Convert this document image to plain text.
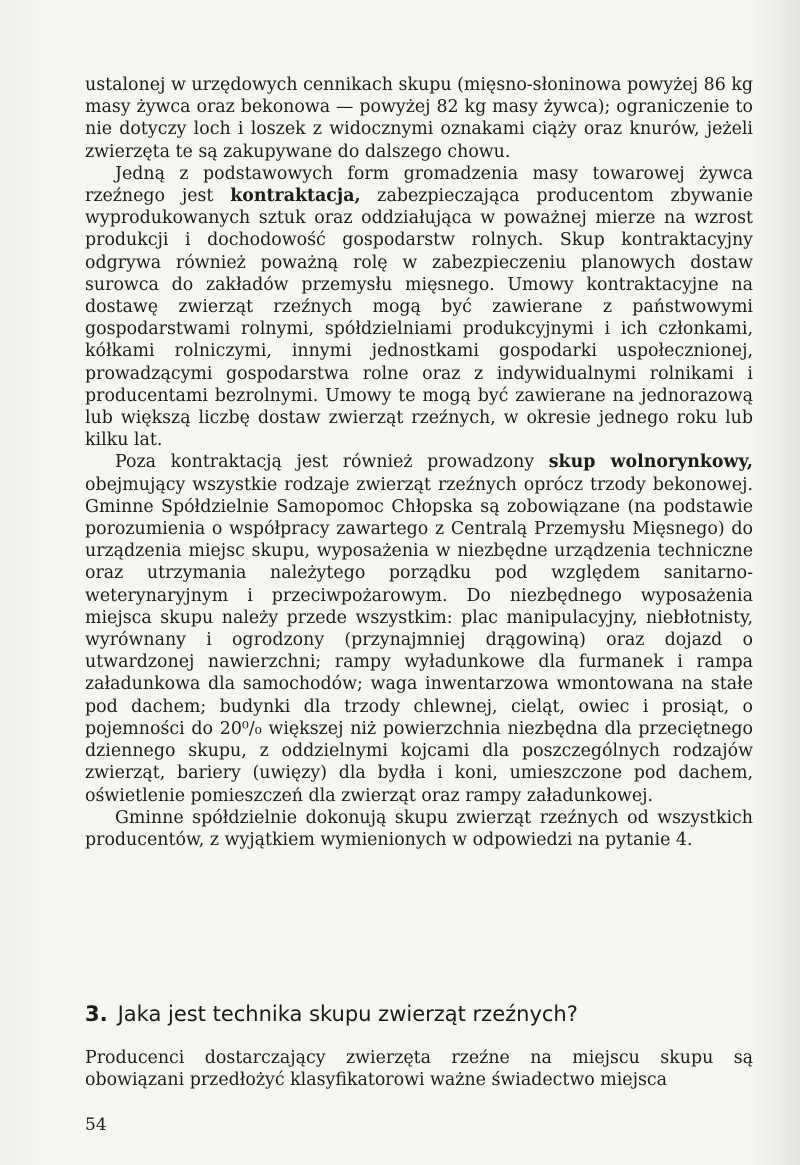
ustalonej w urzędowych cennikach skupu (mięsno-słoninowa powyżej 86 kg masy żywca oraz bekonowa — powyżej 82 kg masy żywca); ograniczenie to nie dotyczy loch i loszek z widocznymi oznakami ciąży oraz knurów, jeżeli zwierzęta te są zakupywane do dalszego chowu.

Jedną z podstawowych form gromadzenia masy towarowej żywca rzeźnego jest kontraktacja, zabezpieczająca producentom zbywanie wyprodukowanych sztuk oraz oddziałująca w poważnej mierze na wzrost produkcji i dochodowość gospodarstw rolnych. Skup kontraktacyjny odgrywa również poważną rolę w zabezpieczeniu planowych dostaw surowca do zakładów przemysłu mięsnego. Umowy kontraktacyjne na dostawę zwierząt rzeźnych mogą być zawierane z państwowymi gospodarstwami rolnymi, spółdzielniami produkcyjnymi i ich członkami, kółkami rolniczymi, innymi jednostkami gospodarki uspołecznionej, prowadzącymi gospodarstwa rolne oraz z indywidualnymi rolnikami i producentami bezrolnymi. Umowy te mogą być zawierane na jednorazową lub większą liczbę dostaw zwierząt rzeźnych, w okresie jednego roku lub kilku lat.

Poza kontraktacją jest również prowadzony skup wolnorynkowy, obejmujący wszystkie rodzaje zwierząt rzeźnych oprócz trzody bekonowej. Gminne Spółdzielnie Samopomoc Chłopska są zobowiązane (na podstawie porozumienia o współpracy zawartego z Centralą Przemysłu Mięsnego) do urządzenia miejsc skupu, wyposażenia w niezbędne urządzenia techniczne oraz utrzymania należytego porządku pod względem sanitarno-weterynaryjnym i przeciwpożarowym. Do niezbędnego wyposażenia miejsca skupu należy przede wszystkim: plac manipulacyjny, niebłotnisty, wyrównany i ogrodzony (przynajmniej drągowiną) oraz dojazd o utwardzonej nawierzchni; rampy wyładunkowe dla furmanek i rampa załadunkowa dla samochodów; waga inwentarzowa wmontowana na stałe pod dachem; budynki dla trzody chlewnej, cieląt, owiec i prosiąt, o pojemności do 20⁰/₀ większej niż powierzchnia niezbędna dla przeciętnego dziennego skupu, z oddzielnymi kojcami dla poszczególnych rodzajów zwierząt, bariery (uwięzy) dla bydła i koni, umieszczone pod dachem, oświetlenie pomieszczeń dla zwierząt oraz rampy załadunkowej.

Gminne spółdzielnie dokonują skupu zwierząt rzeźnych od wszystkich producentów, z wyjątkiem wymienionych w odpowiedzi na pytanie 4.

3. Jaka jest technika skupu zwierząt rzeźnych?

Producenci dostarczający zwierzęta rzeźne na miejscu skupu są obowiązani przedłożyć klasyfikatorowi ważne świadectwo miejsca

54
